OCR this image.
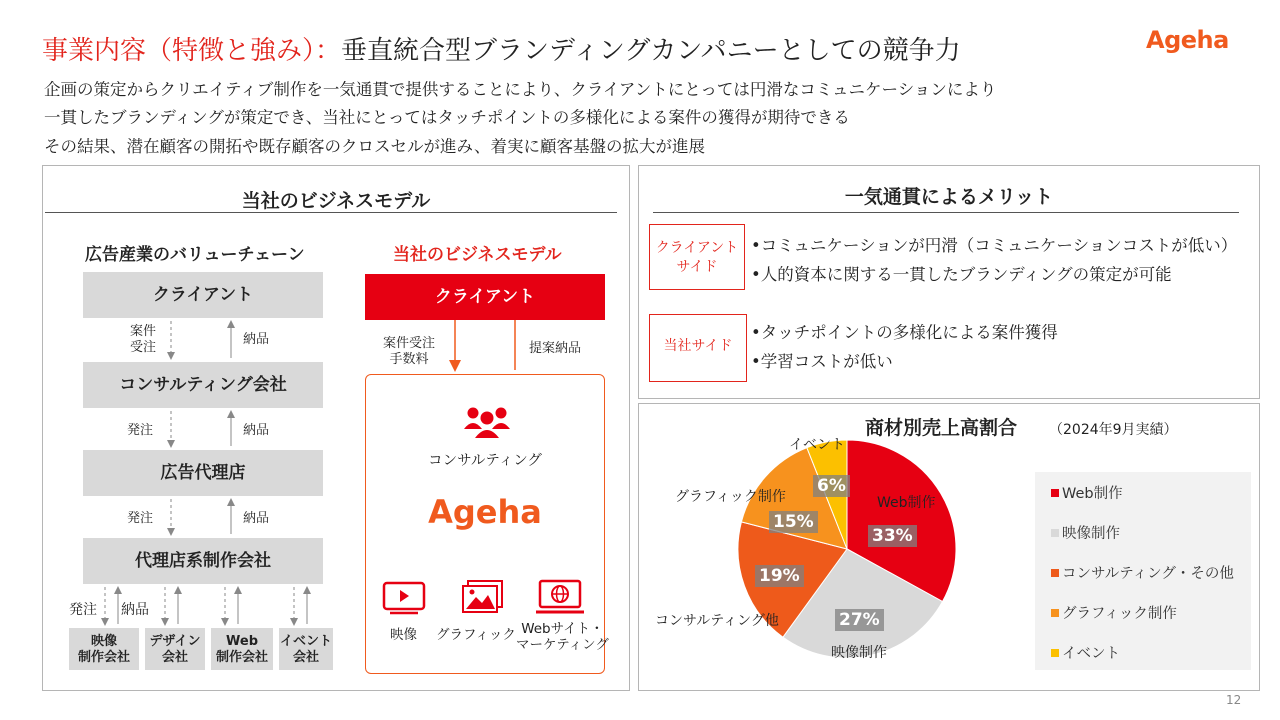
事業内容（特徴と強み）：垂直統合型ブランディングカンパニーとしての競争力	Ageha
企画の策定からクリエイティブ制作を一気通貫で提供することにより、クライアントにとっては円滑なコミュニケーションにより
一貫したブランディングが策定でき、当社にとってはタッチポイントの多様化による案件の獲得が期待できる
その結果、潜在顧客の開拓や既存顧客のクロスセルが進み、着実に顧客基盤の拡大が進展
当社のビジネスモデル
広告産業のバリューチェーン
クライアント
コンサルティング会社
広告代理店
代理店系制作会社
案件
受注
納品
発注	納品
発注	納品
発注 納品
映像
制作会社
デザイン
会社
Web
制作会社
イベント
会社
当社のビジネスモデル
クライアント
案件受注
手数料
提案納品
コンサルティング
Ageha
映像 グラフィック Webサイト・
マーケティング
一気通貫によるメリット
クライアント
サイド
•コミュニケーションが円滑（コミュニケーションコストが低い）
•人的資本に関する一貫したブランディングの策定が可能
当社サイド
•タッチポイントの多様化による案件獲得
•学習コストが低い
商材別売上高割合 （2024年9月実績）
Web制作
映像制作
コンサルティング・その他
グラフィック制作
イベント
Web制作
映像制作
コンサルティング他
グラフィック制作
イベント
33%
27%
19%
15%
6%
12
